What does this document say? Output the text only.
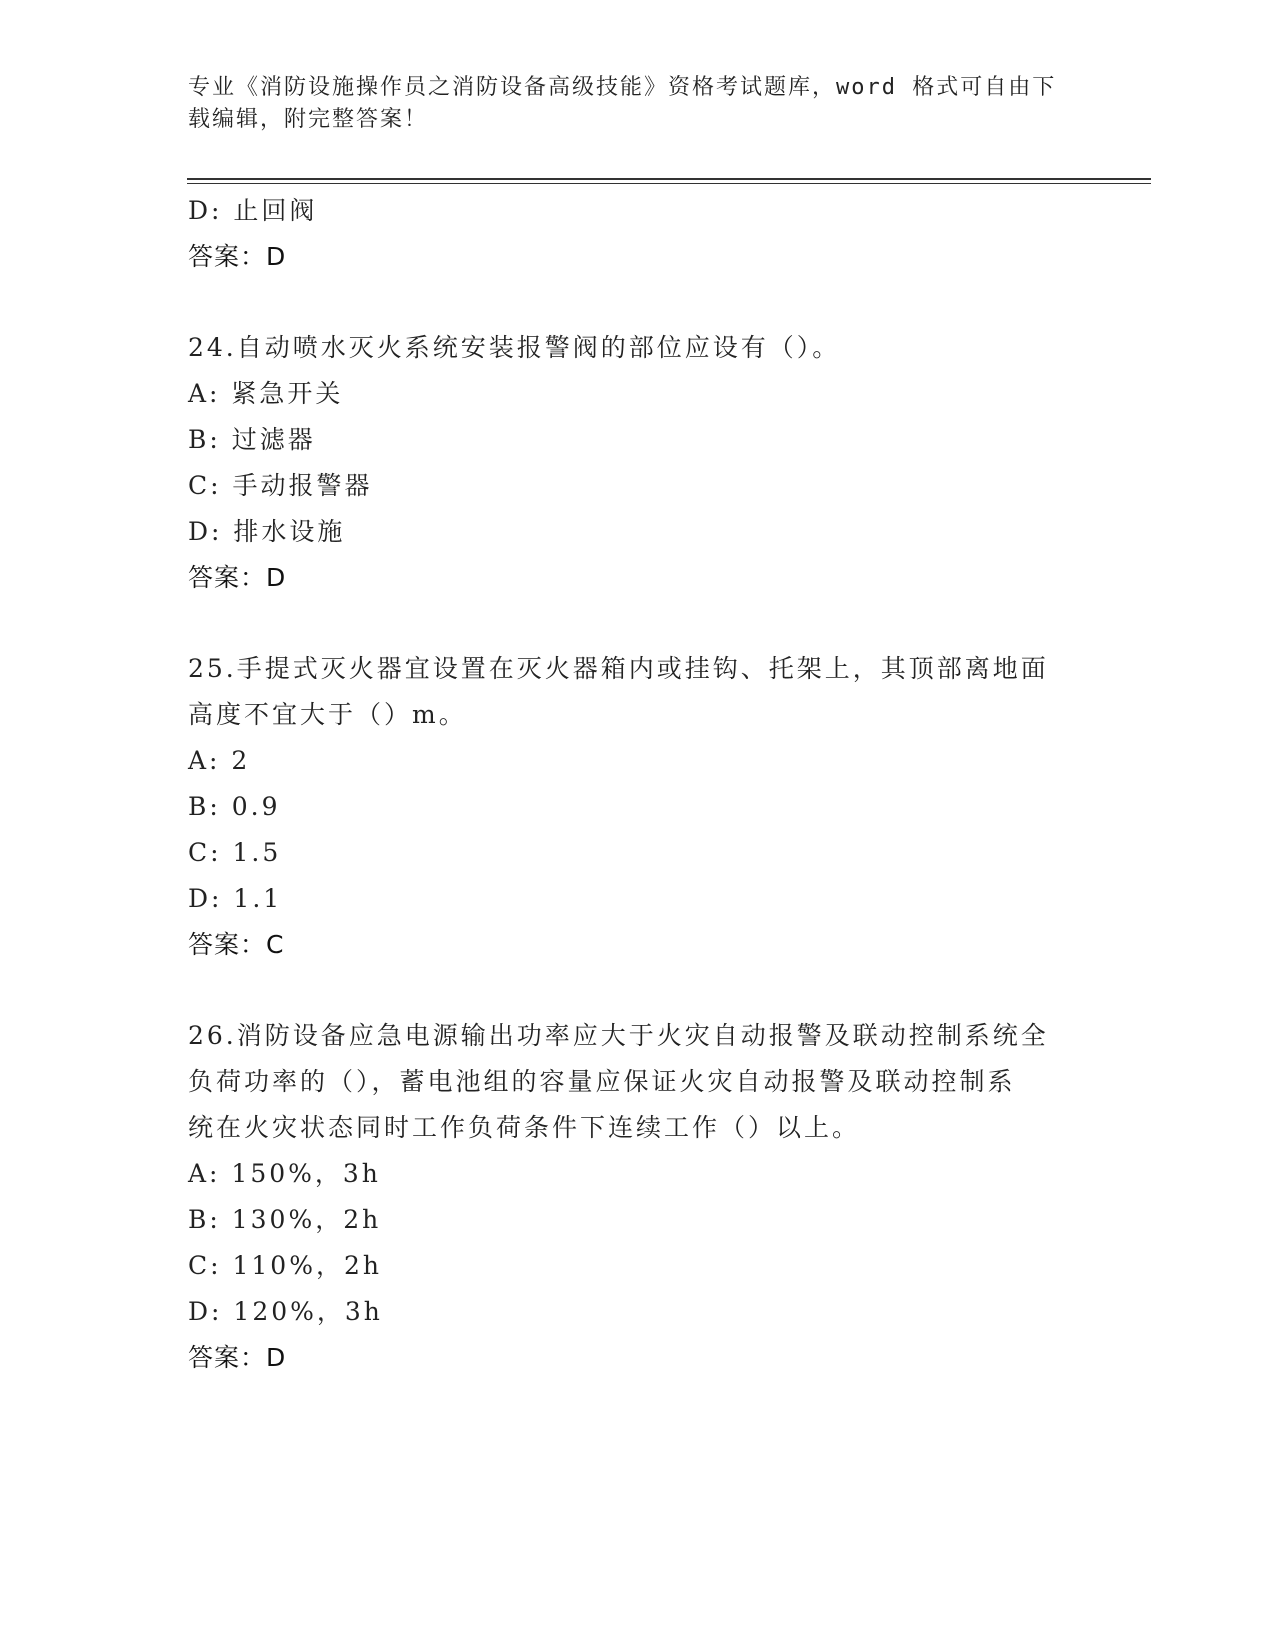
专业《消防设施操作员之消防设备高级技能》资格考试题库，word 格式可自由下
载编辑，附完整答案！
D: 止回阀
答案：D
24.自动喷水灭火系统安装报警阀的部位应设有（）。
A: 紧急开关
B: 过滤器
C: 手动报警器
D: 排水设施
答案：D
25.手提式灭火器宜设置在灭火器箱内或挂钩、托架上，其顶部离地面
高度不宜大于（）m。
A: 2
B: 0.9
C: 1.5
D: 1.1
答案：C
26.消防设备应急电源输出功率应大于火灾自动报警及联动控制系统全
负荷功率的（），蓄电池组的容量应保证火灾自动报警及联动控制系
统在火灾状态同时工作负荷条件下连续工作（）以上。
A: 150%，3h
B: 130%，2h
C: 110%，2h
D: 120%，3h
答案：D
